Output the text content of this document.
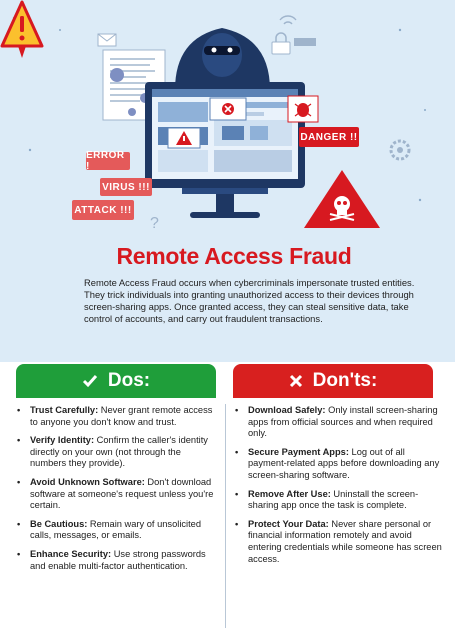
?
DANGER !!
ERROR !
VIRUS !!!
ATTACK !!!
Remote Access Fraud
Remote Access Fraud occurs when cybercriminals impersonate trusted entities. They trick individuals into granting unauthorized access to their devices through screen-sharing apps. Once granted access, they can steal sensitive data, take control of accounts, and carry out fraudulent transactions.
Dos:	Don'ts:
• Trust Carefully: Never grant remote access to anyone you don't know and trust.
• Verify Identity: Confirm the caller's identity directly on your own (not through the numbers they provide).
• Avoid Unknown Software: Don't download software at someone's request unless you're certain.
• Be Cautious: Remain wary of unsolicited calls, messages, or emails.
• Enhance Security: Use strong passwords and enable multi-factor authentication.
• Download Safely: Only install screen-sharing apps from official sources and when required only.
• Secure Payment Apps: Log out of all payment-related apps before downloading any screen-sharing software.
• Remove After Use: Uninstall the screen-sharing app once the task is complete.
• Protect Your Data: Never share personal or financial information remotely and avoid entering credentials while someone has screen access.
